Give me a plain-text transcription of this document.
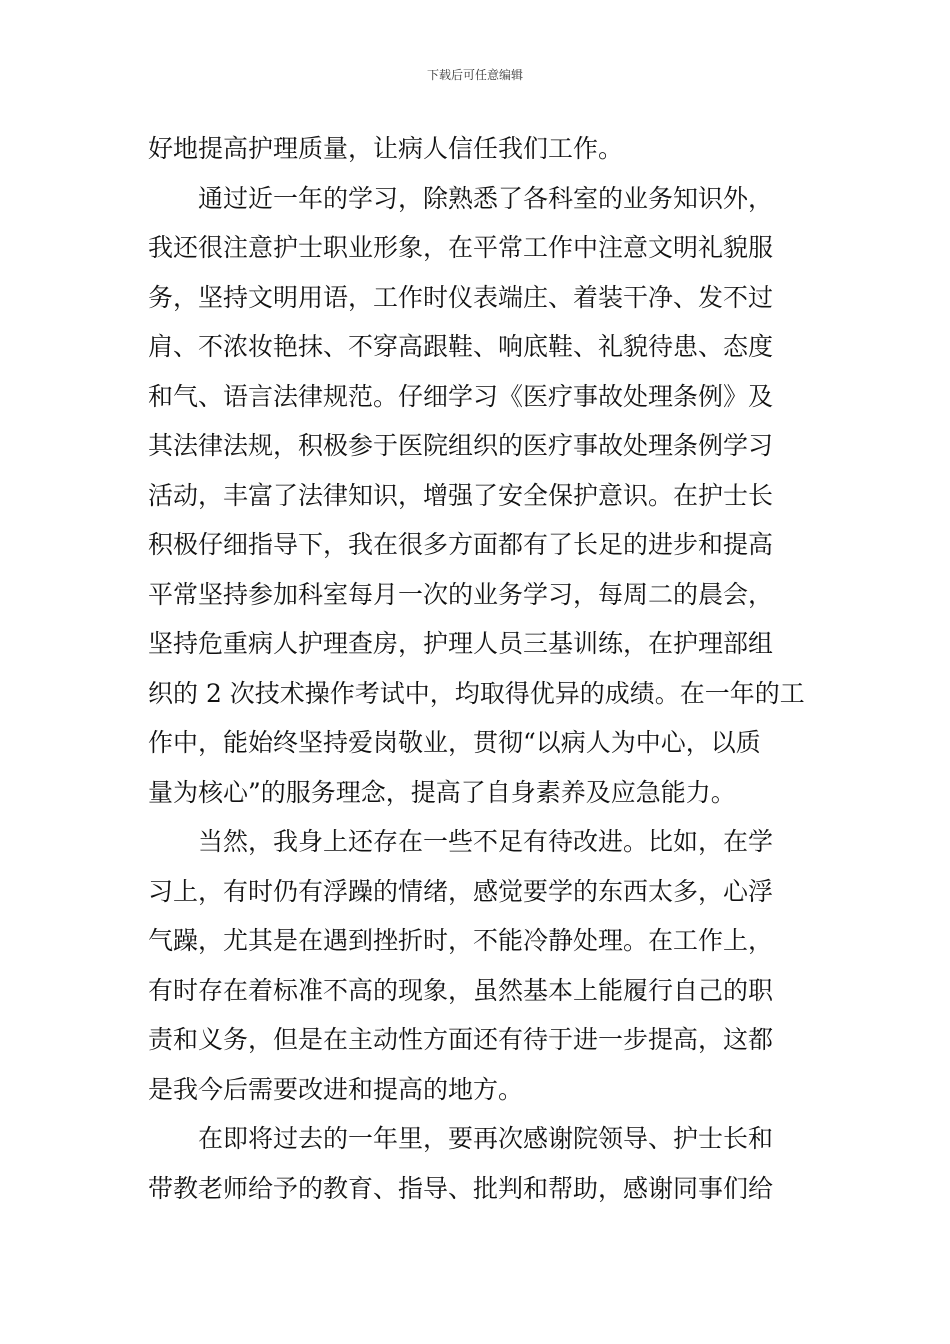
下载后可任意编辑
好地提高护理质量，让病人信任我们工作。
通过近一年的学习，除熟悉了各科室的业务知识外，
我还很注意护士职业形象，在平常工作中注意文明礼貌服
务，坚持文明用语，工作时仪表端庄、着装干净、发不过
肩、不浓妆艳抹、不穿高跟鞋、响底鞋、礼貌待患、态度
和气、语言法律规范。仔细学习《医疗事故处理条例》及
其法律法规，积极参于医院组织的医疗事故处理条例学习
活动，丰富了法律知识，增强了安全保护意识。在护士长
积极仔细指导下，我在很多方面都有了长足的进步和提高
平常坚持参加科室每月一次的业务学习，每周二的晨会，
坚持危重病人护理查房，护理人员三基训练，在护理部组
织的 2 次技术操作考试中，均取得优异的成绩。在一年的工
作中，能始终坚持爱岗敬业，贯彻“以病人为中心，以质
量为核心”的服务理念，提高了自身素养及应急能力。
当然，我身上还存在一些不足有待改进。比如，在学
习上，有时仍有浮躁的情绪，感觉要学的东西太多，心浮
气躁，尤其是在遇到挫折时，不能冷静处理。在工作上，
有时存在着标准不高的现象，虽然基本上能履行自己的职
责和义务，但是在主动性方面还有待于进一步提高，这都
是我今后需要改进和提高的地方。
在即将过去的一年里，要再次感谢院领导、护士长和
带教老师给予的教育、指导、批判和帮助，感谢同事们给
